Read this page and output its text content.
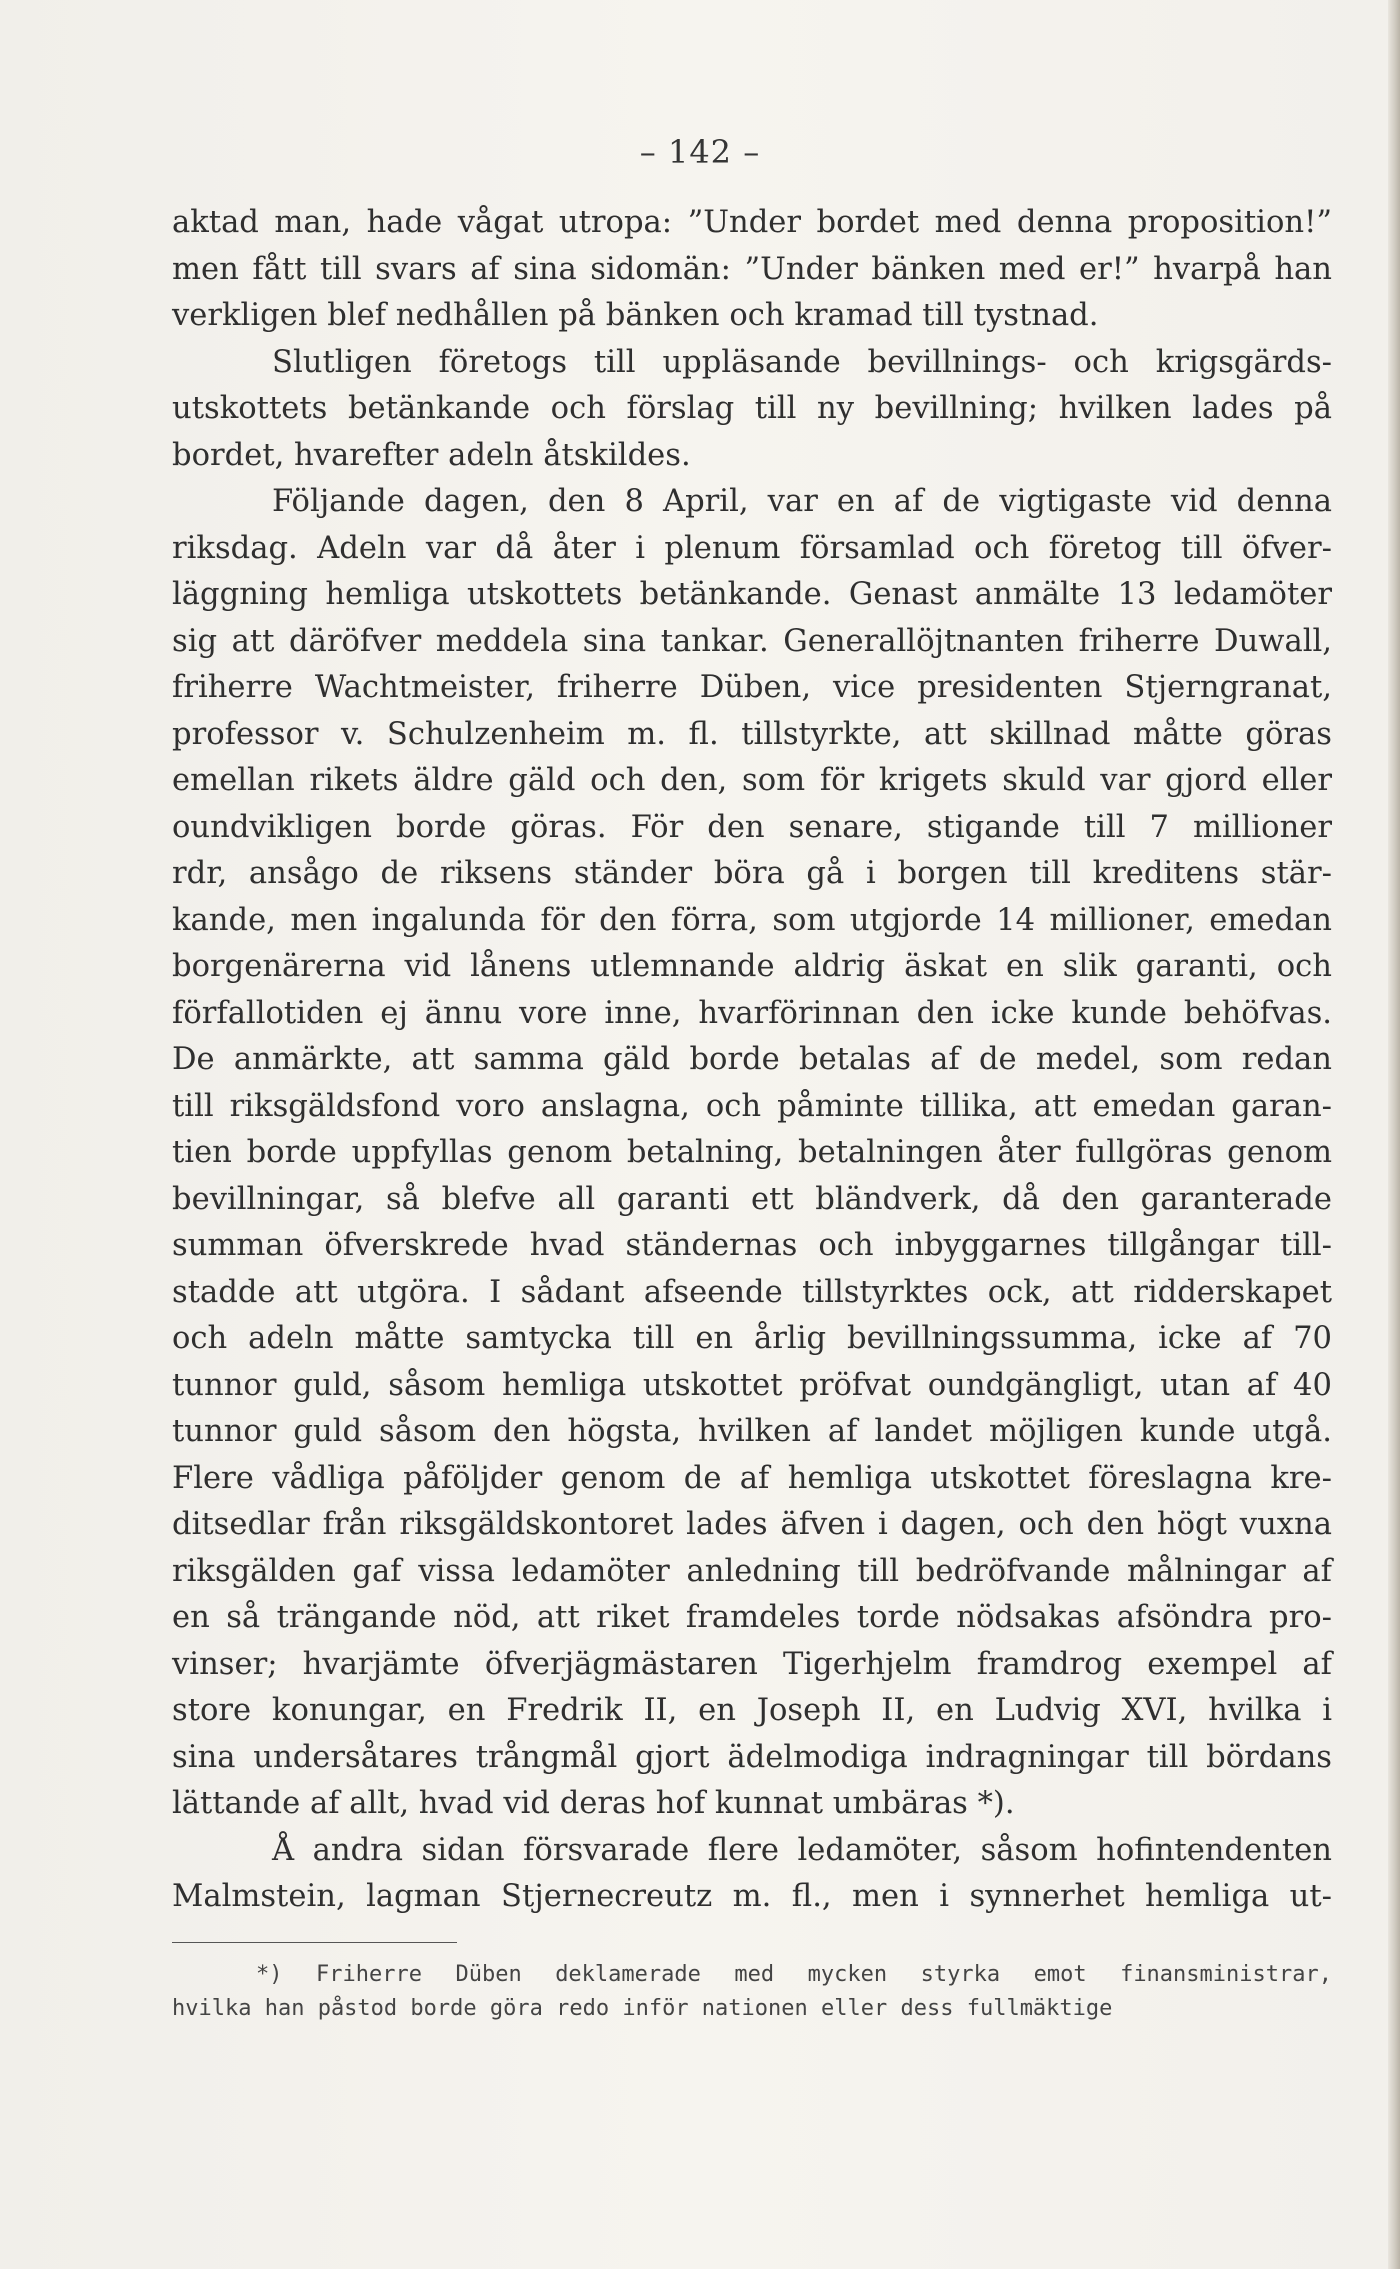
– 142 –
aktad man, hade vågat utropa: ”Under bordet med denna proposition!”
men fått till svars af sina sidomän: ”Under bänken med er!” hvarpå han
verkligen blef nedhållen på bänken och kramad till tystnad.
Slutligen företogs till uppläsande bevillnings- och krigsgärds-
utskottets betänkande och förslag till ny bevillning; hvilken lades på
bordet, hvarefter adeln åtskildes.
Följande dagen, den 8 April, var en af de vigtigaste vid denna
riksdag. Adeln var då åter i plenum församlad och företog till öfver-
läggning hemliga utskottets betänkande. Genast anmälte 13 ledamöter
sig att däröfver meddela sina tankar. Generallöjtnanten friherre Duwall,
friherre Wachtmeister, friherre Düben, vice presidenten Stjerngranat,
professor v. Schulzenheim m. fl. tillstyrkte, att skillnad måtte göras
emellan rikets äldre gäld och den, som för krigets skuld var gjord eller
oundvikligen borde göras. För den senare, stigande till 7 millioner
rdr, ansågo de riksens ständer böra gå i borgen till kreditens stär-
kande, men ingalunda för den förra, som utgjorde 14 millioner, emedan
borgenärerna vid lånens utlemnande aldrig äskat en slik garanti, och
förfallotiden ej ännu vore inne, hvarförinnan den icke kunde behöfvas.
De anmärkte, att samma gäld borde betalas af de medel, som redan
till riksgäldsfond voro anslagna, och påminte tillika, att emedan garan-
tien borde uppfyllas genom betalning, betalningen åter fullgöras genom
bevillningar, så blefve all garanti ett bländverk, då den garanterade
summan öfverskrede hvad ständernas och inbyggarnes tillgångar till-
stadde att utgöra. I sådant afseende tillstyrktes ock, att ridderskapet
och adeln måtte samtycka till en årlig bevillningssumma, icke af 70
tunnor guld, såsom hemliga utskottet pröfvat oundgängligt, utan af 40
tunnor guld såsom den högsta, hvilken af landet möjligen kunde utgå.
Flere vådliga påföljder genom de af hemliga utskottet föreslagna kre-
ditsedlar från riksgäldskontoret lades äfven i dagen, och den högt vuxna
riksgälden gaf vissa ledamöter anledning till bedröfvande målningar af
en så trängande nöd, att riket framdeles torde nödsakas afsöndra pro-
vinser; hvarjämte öfverjägmästaren Tigerhjelm framdrog exempel af
store konungar, en Fredrik II, en Joseph II, en Ludvig XVI, hvilka i
sina undersåtares trångmål gjort ädelmodiga indragningar till bördans
lättande af allt, hvad vid deras hof kunnat umbäras *).
Å andra sidan försvarade flere ledamöter, såsom hofintendenten
Malmstein, lagman Stjernecreutz m. fl., men i synnerhet hemliga ut-
*) Friherre Düben deklamerade med mycken styrka emot finansministrar,
hvilka han påstod borde göra redo inför nationen eller dess fullmäktige
